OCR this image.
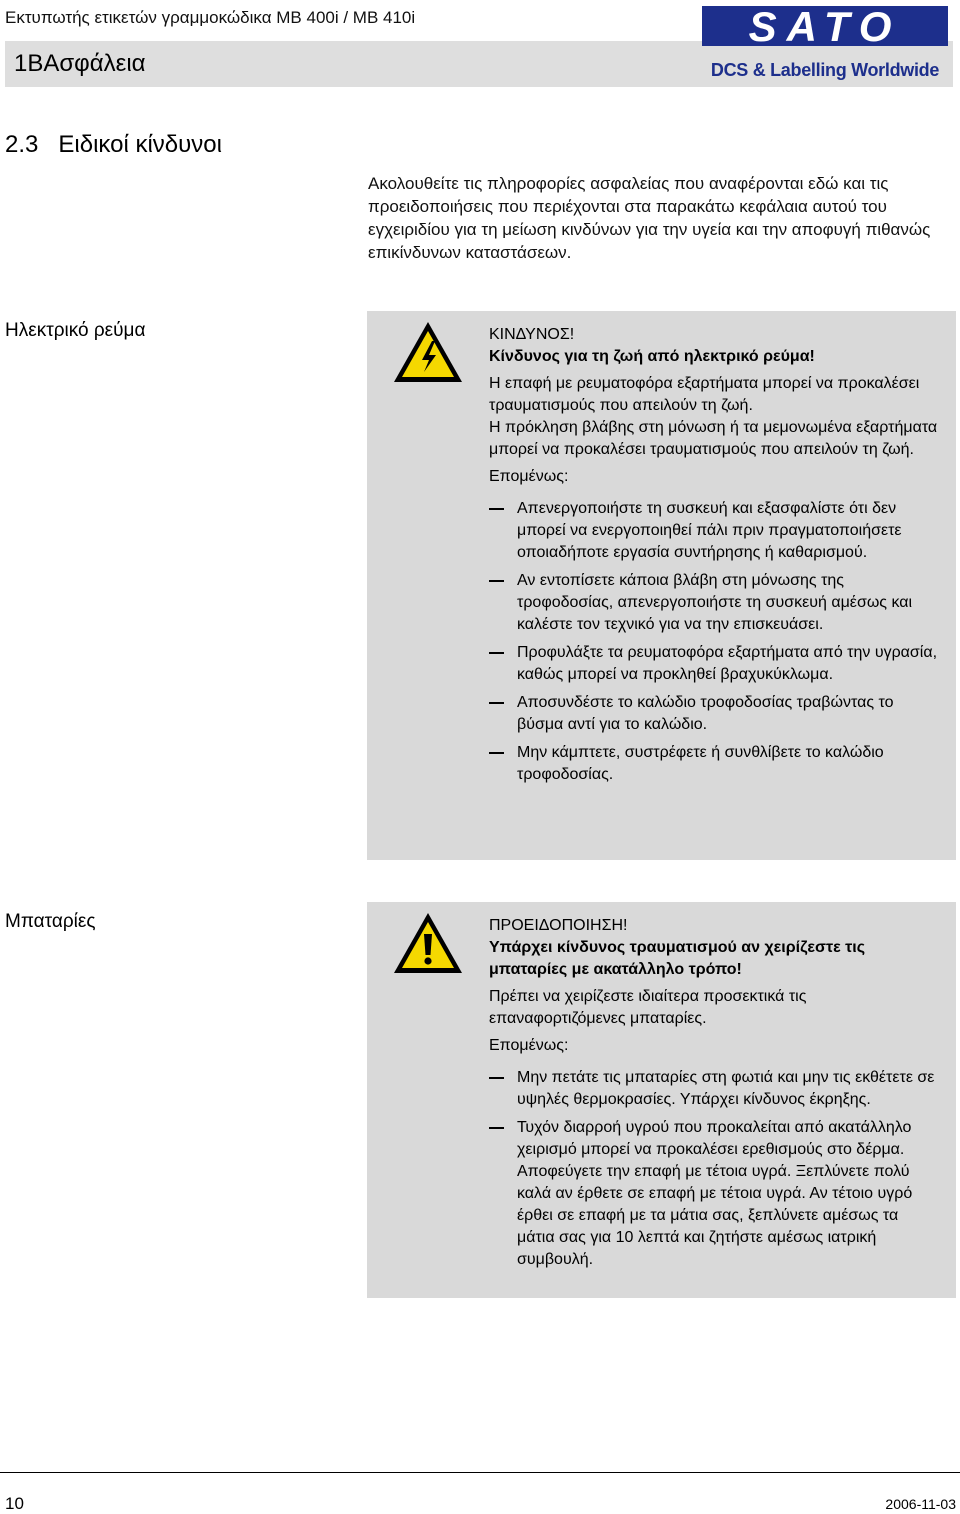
Εκτυπωτής ετικετών γραμμοκώδικα MB 400i / MB 410i
1BΑσφάλεια
SATO
DCS & Labelling Worldwide
2.3   Ειδικοί κίνδυνοι
Ακολουθείτε τις πληροφορίες ασφαλείας που αναφέρονται εδώ και τις προειδοποιήσεις που περιέχονται στα παρακάτω κεφάλαια αυτού του εγχειριδίου για τη μείωση κινδύνων για την υγεία και την αποφυγή πιθανώς επικίνδυνων καταστάσεων.
Ηλεκτρικό ρεύμα	ΚΙΝΔΥΝΟΣ!

Κίνδυνος για τη ζωή από ηλεκτρικό ρεύμα!

Η επαφή με ρευματοφόρα εξαρτήματα μπορεί να προκαλέσει τραυματισμούς που απειλούν τη ζωή.

Η πρόκληση βλάβης στη μόνωση ή τα μεμονωμένα εξαρτήματα μπορεί να προκαλέσει τραυματισμούς που απειλούν τη ζωή.

Επομένως:

Απενεργοποιήστε τη συσκευή και εξασφαλίστε ότι δεν μπορεί να ενεργοποιηθεί πάλι πριν πραγματοποιήσετε οποιαδήποτε εργασία συντήρησης ή καθαρισμού.
Αν εντοπίσετε κάποια βλάβη στη μόνωσης της τροφοδοσίας, απενεργοποιήστε τη συσκευή αμέσως και καλέστε τον τεχνικό για να την επισκευάσει.
Προφυλάξτε τα ρευματοφόρα εξαρτήματα από την υγρασία, καθώς μπορεί να προκληθεί βραχυκύκλωμα.
Αποσυνδέστε το καλώδιο τροφοδοσίας τραβώντας το βύσμα αντί για το καλώδιο.
Μην κάμπτετε, συστρέφετε ή συνθλίβετε το καλώδιο τροφοδοσίας.
Μπαταρίες	ΠΡΟΕΙΔΟΠΟΙΗΣΗ!

Υπάρχει κίνδυνος τραυματισμού αν χειρίζεστε τις μπαταρίες με ακατάλληλο τρόπο!

Πρέπει να χειρίζεστε ιδιαίτερα προσεκτικά τις επαναφορτιζόμενες μπαταρίες.

Επομένως:

Μην πετάτε τις μπαταρίες στη φωτιά και μην τις εκθέτετε σε υψηλές θερμοκρασίες. Υπάρχει κίνδυνος έκρηξης.
Τυχόν διαρροή υγρού που προκαλείται από ακατάλληλο χειρισμό μπορεί να προκαλέσει ερεθισμούς στο δέρμα. Αποφεύγετε την επαφή με τέτοια υγρά. Ξεπλύνετε πολύ καλά αν έρθετε σε επαφή με τέτοια υγρά. Αν τέτοιο υγρό έρθει σε επαφή με τα μάτια σας, ξεπλύνετε αμέσως τα μάτια σας για 10 λεπτά και ζητήστε αμέσως ιατρική συμβουλή.
10	2006-11-03
